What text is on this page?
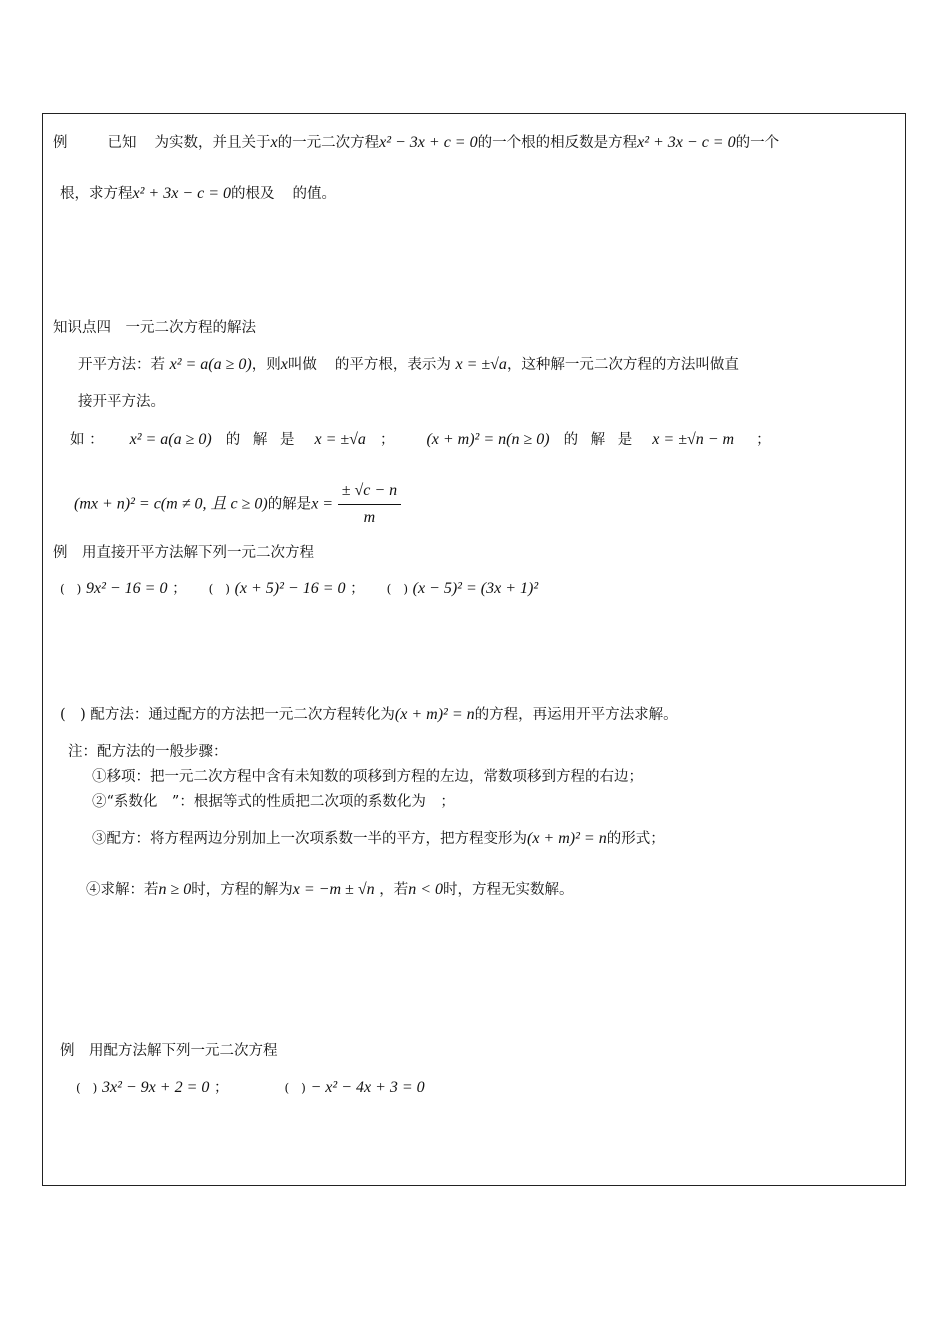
例	已知 为实数，并且关于x的一元二次方程x² − 3x + c = 0的一个根的相反数是方程x² + 3x − c = 0的一个
根，求方程x² + 3x − c = 0的根及 的值。
知识点四　一元二次方程的解法
开平方法：若 x² = a(a ≥ 0)，则x叫做 的平方根，表示为 x = ±√a，这种解一元二次方程的方法叫做直
接开平方法。
如 ： x² = a(a ≥ 0) 的 解 是 x = ±√a ； (x + m)² = n(n ≥ 0) 的 解 是 x = ±√n − m ；
(mx + n)² = c(m ≠ 0, 且 c ≥ 0)的解是$x = \frac{\pm √c - n}{m}$
例　用直接开平方法解下列一元二次方程
(　) 9x² − 16 = 0 ； (　) (x + 5)² − 16 = 0 ； (　) (x − 5)² = (3x + 1)²
(　) 配方法：通过配方的方法把一元二次方程转化为(x + m)² = n的方程，再运用开平方法求解。
注：配方法的一般步骤：
①移项：把一元二次方程中含有未知数的项移到方程的左边，常数项移到方程的右边；
②“系数化　”：根据等式的性质把二次项的系数化为　；
③配方：将方程两边分别加上一次项系数一半的平方，把方程变形为(x + m)² = n的形式；
④求解：若n ≥ 0时，方程的解为x = −m ± √n ，若n < 0时，方程无实数解。
例　用配方法解下列一元二次方程
(　) 3x² − 9x + 2 = 0 ；	(　) − x² − 4x + 3 = 0
